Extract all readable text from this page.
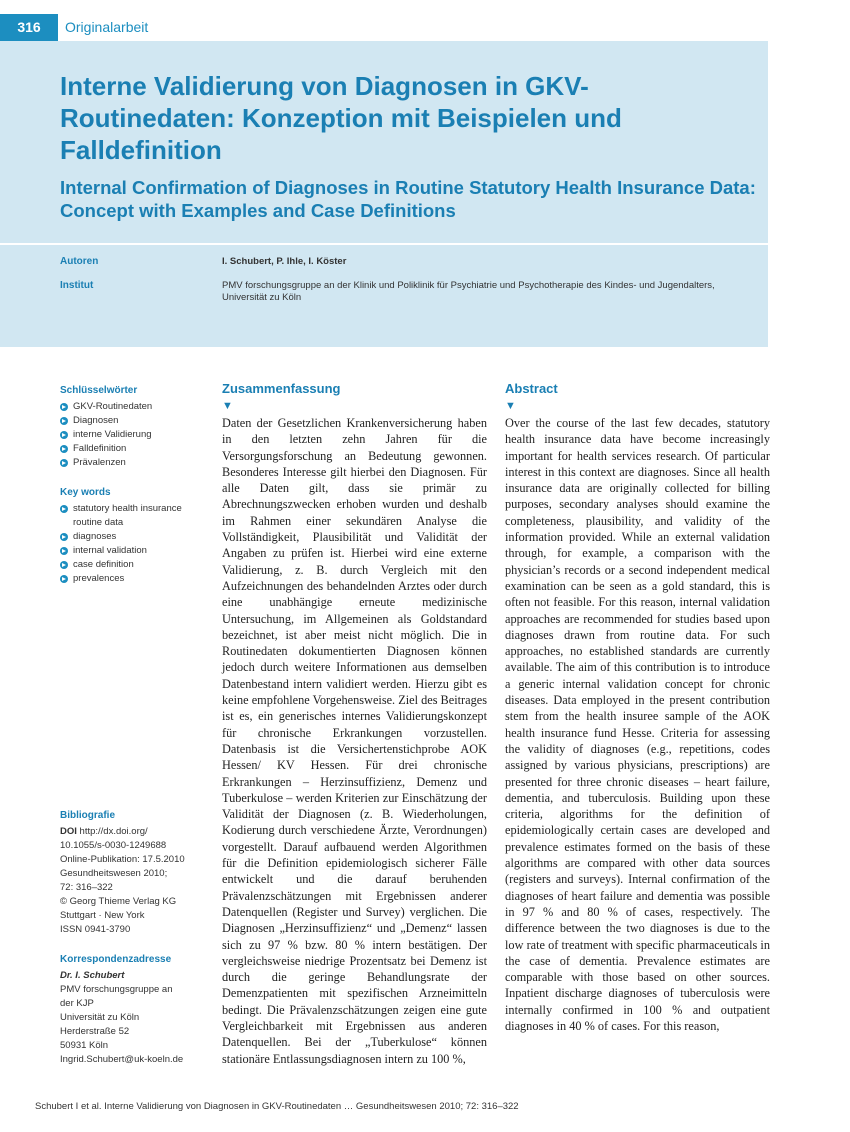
316	Originalarbeit
Interne Validierung von Diagnosen in GKV-Routinedaten: Konzeption mit Beispielen und Falldefinition
Internal Confirmation of Diagnoses in Routine Statutory Health Insurance Data: Concept with Examples and Case Definitions
Autoren	I. Schubert, P. Ihle, I. Köster
Institut	PMV forschungsgruppe an der Klinik und Poliklinik für Psychiatrie und Psychotherapie des Kindes- und Jugendalters, Universität zu Köln
Schlüsselwörter
GKV-Routinedaten
Diagnosen
interne Validierung
Falldefinition
Prävalenzen
Key words
statutory health insurance routine data
diagnoses
internal validation
case definition
prevalences
Bibliografie
DOI http://dx.doi.org/
10.1055/s-0030-1249688
Online-Publikation: 17.5.2010
Gesundheitswesen 2010;
72: 316–322
© Georg Thieme Verlag KG
Stuttgart · New York
ISSN 0941-3790
Korrespondenzadresse
Dr. I. Schubert
PMV forschungsgruppe an
der KJP
Universität zu Köln
Herderstraße 52
50931 Köln
Ingrid.Schubert@uk-koeln.de
Zusammenfassung
▼

Daten der Gesetzlichen Krankenversicherung haben in den letzten zehn Jahren für die Versorgungsforschung an Bedeutung gewonnen. Besonderes Interesse gilt hierbei den Diagnosen. Für alle Daten gilt, dass sie primär zu Abrechnungszwecken erhoben wurden und deshalb im Rahmen einer sekundären Analyse die Vollständigkeit, Plausibilität und Validität der Angaben zu prüfen ist. Hierbei wird eine externe Validierung, z. B. durch Vergleich mit den Aufzeichnungen des behandelnden Arztes oder durch eine unabhängige erneute medizinische Untersuchung, im Allgemeinen als Goldstandard bezeichnet, ist aber meist nicht möglich. Die in Routinedaten dokumentierten Diagnosen können jedoch durch weitere Informationen aus demselben Datenbestand intern validiert werden. Hierzu gibt es keine empfohlene Vorgehensweise. Ziel des Beitrages ist es, ein generisches internes Validierungskonzept für chronische Erkrankungen vorzustellen. Datenbasis ist die Versichertenstichprobe AOK Hessen/ KV Hessen. Für drei chronische Erkrankungen – Herzinsuffizienz, Demenz und Tuberkulose – werden Kriterien zur Einschätzung der Validität der Diagnosen (z. B. Wiederholungen, Kodierung durch verschiedene Ärzte, Verordnungen) vorgestellt. Darauf aufbauend werden Algorithmen für die Definition epidemiologisch sicherer Fälle entwickelt und die darauf beruhenden Prävalenzschätzungen mit Ergebnissen anderer Datenquellen (Register und Survey) verglichen. Die Diagnosen „Herzinsuffizienz“ und „Demenz“ lassen sich zu 97 % bzw. 80 % intern bestätigen. Der vergleichsweise niedrige Prozentsatz bei Demenz ist durch die geringe Behandlungsrate der Demenzpatienten mit spezifischen Arzneimitteln bedingt. Die Prävalenzschätzungen zeigen eine gute Vergleichbarkeit mit Ergebnissen aus anderen Datenquellen. Bei der „Tuberkulose“ können stationäre Entlassungsdiagnosen intern zu 100 %,

Abstract
▼

Over the course of the last few decades, statutory health insurance data have become increasingly important for health services research. Of particular interest in this context are diagnoses. Since all health insurance data are originally collected for billing purposes, secondary analyses should examine the completeness, plausibility, and validity of the information provided. While an external validation through, for example, a comparison with the physician’s records or a second independent medical examination can be seen as a gold standard, this is often not feasible. For this reason, internal validation approaches are recommended for studies based upon diagnoses drawn from routine data. For such approaches, no established standards are currently available. The aim of this contribution is to introduce a generic internal validation concept for chronic diseases. Data employed in the present contribution stem from the health insuree sample of the AOK health insurance fund Hesse. Criteria for assessing the validity of diagnoses (e.g., repetitions, codes assigned by various physicians, prescriptions) are presented for three chronic diseases – heart failure, dementia, and tuberculosis. Building upon these criteria, algorithms for the definition of epidemiologically certain cases are developed and prevalence estimates formed on the basis of these algorithms are compared with other data sources (registers and surveys). Internal confirmation of the diagnoses of heart failure and dementia was possible in 97 % and 80 % of cases, respectively. The difference between the two diagnoses is due to the low rate of treatment with specific pharmaceuticals in the case of dementia. Prevalence estimates are comparable with those based on other sources. Inpatient discharge diagnoses of tuberculosis were internally confirmed in 100 % and outpatient diagnoses in 40 % of cases. For this reason,

Schubert I et al. Interne Validierung von Diagnosen in GKV-Routinedaten … Gesundheitswesen 2010; 72: 316–322
